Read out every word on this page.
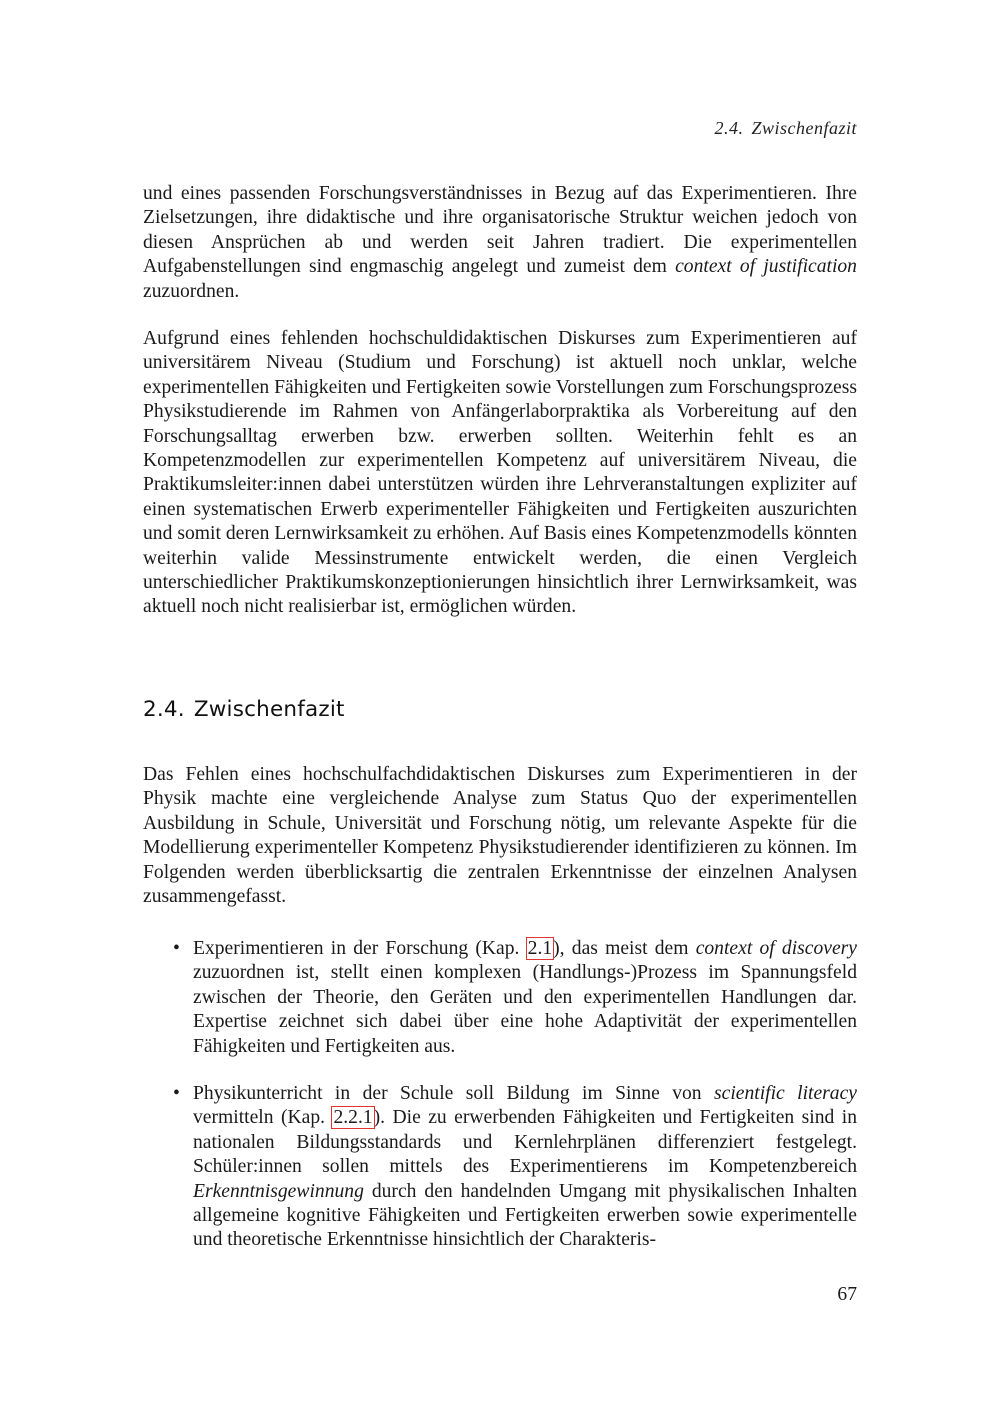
2.4. Zwischenfazit

und eines passenden Forschungsverständnisses in Bezug auf das Experimentieren. Ihre Zielsetzungen, ihre didaktische und ihre organisatorische Struktur weichen jedoch von diesen Ansprüchen ab und werden seit Jahren tradiert. Die experimentellen Aufgabenstellungen sind engmaschig angelegt und zumeist dem context of justification zuzuordnen.

Aufgrund eines fehlenden hochschuldidaktischen Diskurses zum Experimentieren auf universitärem Niveau (Studium und Forschung) ist aktuell noch unklar, welche experimentellen Fähigkeiten und Fertigkeiten sowie Vorstellungen zum Forschungsprozess Physikstudierende im Rahmen von Anfängerlaborpraktika als Vorbereitung auf den Forschungsalltag erwerben bzw. erwerben sollten. Weiterhin fehlt es an Kompetenzmodellen zur experimentellen Kompetenz auf universitärem Niveau, die Praktikumsleiter:innen dabei unterstützen würden ihre Lehrveranstaltungen expliziter auf einen systematischen Erwerb experimenteller Fähigkeiten und Fertigkeiten auszurichten und somit deren Lernwirksamkeit zu erhöhen. Auf Basis eines Kompetenzmodells könnten weiterhin valide Messinstrumente entwickelt werden, die einen Vergleich unterschiedlicher Praktikumskonzeptionierungen hinsichtlich ihrer Lernwirksamkeit, was aktuell noch nicht realisierbar ist, ermöglichen würden.

2.4. Zwischenfazit

Das Fehlen eines hochschulfachdidaktischen Diskurses zum Experimentieren in der Physik machte eine vergleichende Analyse zum Status Quo der experimentellen Ausbildung in Schule, Universität und Forschung nötig, um relevante Aspekte für die Modellierung experimenteller Kompetenz Physikstudierender identifizieren zu können. Im Folgenden werden überblicksartig die zentralen Erkenntnisse der einzelnen Analysen zusammengefasst.

• Experimentieren in der Forschung (Kap. 2.1), das meist dem context of discovery zuzuordnen ist, stellt einen komplexen (Handlungs-)Prozess im Spannungsfeld zwischen der Theorie, den Geräten und den experimentellen Handlungen dar. Expertise zeichnet sich dabei über eine hohe Adaptivität der experimentellen Fähigkeiten und Fertigkeiten aus.
• Physikunterricht in der Schule soll Bildung im Sinne von scientific literacy vermitteln (Kap. 2.2.1). Die zu erwerbenden Fähigkeiten und Fertigkeiten sind in nationalen Bildungsstandards und Kernlehrplänen differenziert festgelegt. Schüler:innen sollen mittels des Experimentierens im Kompetenzbereich Erkenntnisgewinnung durch den handelnden Umgang mit physikalischen Inhalten allgemeine kognitive Fähigkeiten und Fertigkeiten erwerben sowie experimentelle und theoretische Erkenntnisse hinsichtlich der Charakteris-
67
